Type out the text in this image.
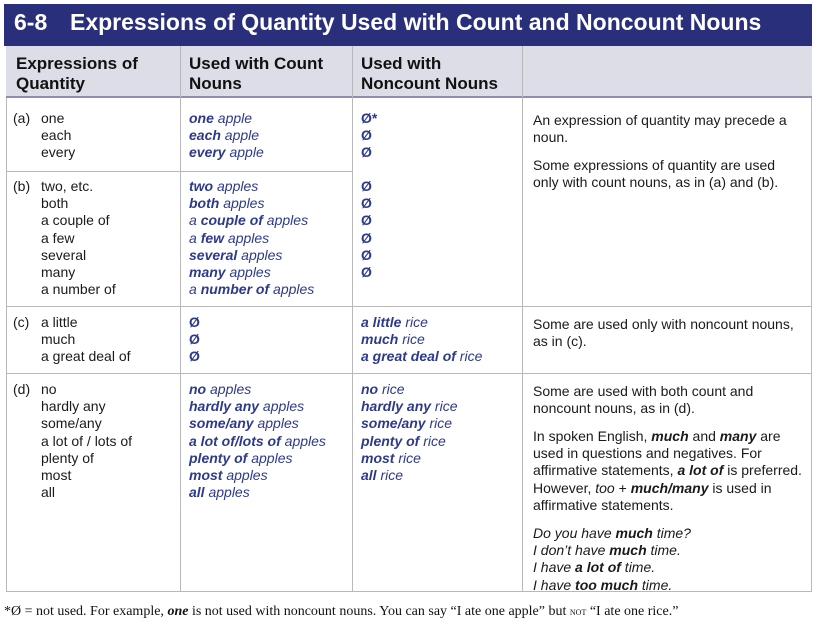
6-8 Expressions of Quantity Used with Count and Noncount Nouns
Expressions of Quantity
Used with Count Nouns
Used with Noncount Nouns
(a)
(b)
(c)
(d)
one
each
every
one apple
each apple
every apple
Ø*
Ø
Ø
two, etc.
both
a couple of
a few
several
many
a number of
two apples
both apples
a couple of apples
a few apples
several apples
many apples
a number of apples
Ø
Ø
Ø
Ø
Ø
Ø
a little
much
a great deal of
Ø
Ø
Ø
a little rice
much rice
a great deal of rice
no
hardly any
some/any
a lot of / lots of
plenty of
most
all
no apples
hardly any apples
some/any apples
a lot of/lots of apples
plenty of apples
most apples
all apples
no rice
hardly any rice
some/any rice
plenty of rice
most rice
all rice
An expression of quantity may precede a noun.
Some expressions of quantity are used only with count nouns, as in (a) and (b).
Some are used only with noncount nouns, as in (c).
Some are used with both count and noncount nouns, as in (d).
In spoken English, much and many are used in questions and negatives. For affirmative statements, a lot of is preferred. However, too + much/many is used in affirmative statements.
Do you have much time?
I don’t have much time.
I have a lot of time.
I have too much time.
*Ø = not used. For example, one is not used with noncount nouns. You can say “I ate one apple” but not “I ate one rice.”
